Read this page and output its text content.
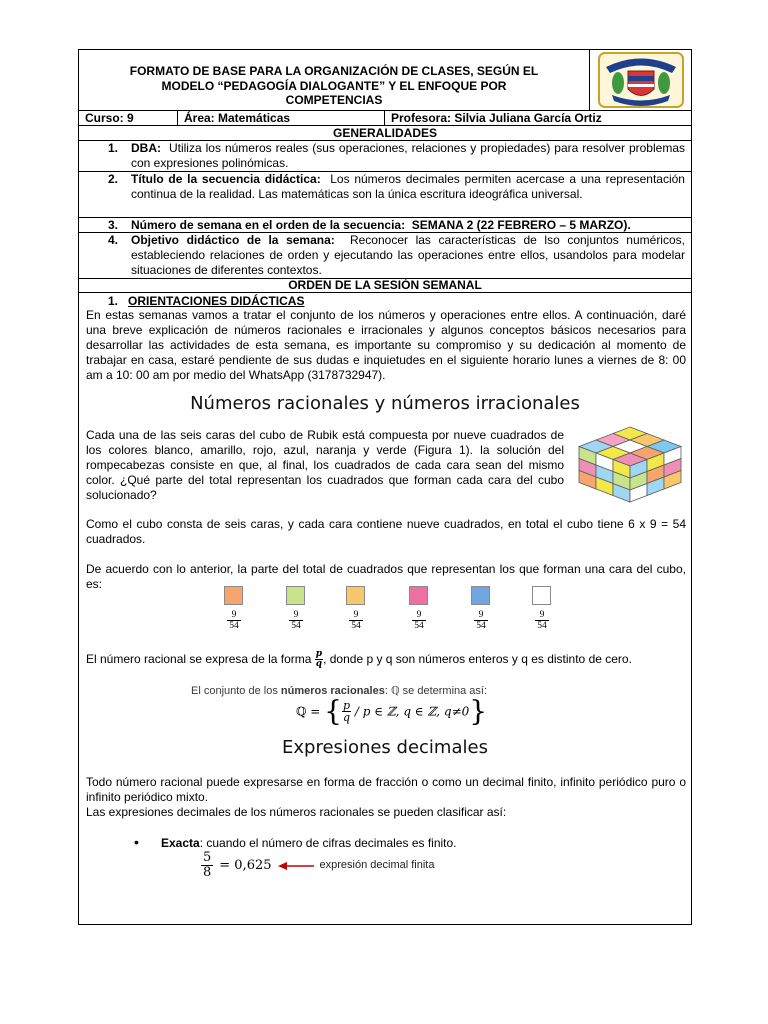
FORMATO DE BASE PARA LA ORGANIZACIÓN DE CLASES, SEGÚN EL
MODELO “PEDAGOGÍA DIALOGANTE” Y EL ENFOQUE POR
COMPETENCIAS
Curso: 9	Área: Matemáticas	Profesora: Silvia Juliana García Ortiz
GENERALIDADES
1.	DBA: Utiliza los números reales (sus operaciones, relaciones y propiedades) para resolver problemas con expresiones polinómicas.
2.	Título de la secuencia didáctica: Los números decimales permiten acercase a una representación continua de la realidad. Las matemáticas son la única escritura ideográfica universal.
3.	Número de semana en el orden de la secuencia: SEMANA 2 (22 FEBRERO – 5 MARZO).
4.	Objetivo didáctico de la semana: Reconocer las características de lso conjuntos numéricos, estableciendo relaciones de orden y ejecutando las operaciones entre ellos, usandolos para modelar situaciones de diferentes contextos.
ORDEN DE LA SESIÓN SEMANAL
1. ORIENTACIONES DIDÁCTICAS
En estas semanas vamos a tratar el conjunto de los números y operaciones entre ellos. A continuación, daré una breve explicación de números racionales e irracionales y algunos conceptos básicos necesarios para desarrollar las actividades de esta semana, es importante su compromiso y su dedicación al momento de trabajar en casa, estaré pendiente de sus dudas e inquietudes en el siguiente horario lunes a viernes de 8: 00 am a 10: 00 am por medio del WhatsApp (3178732947).
Números racionales y números irracionales
Cada una de las seis caras del cubo de Rubik está compuesta por nueve cuadrados de los colores blanco, amarillo, rojo, azul, naranja y verde (Figura 1). la solución del rompecabezas consiste en que, al final, los cuadrados de cada cara sean del mismo color. ¿Qué parte del total representan los cuadrados que forman cada cara del cubo solucionado?
Como el cubo consta de seis caras, y cada cara contiene nueve cuadrados, en total el cubo tiene 6 x 9 = 54 cuadrados.
De acuerdo con lo anterior, la parte del total de cuadrados que representan los que forman una cara del cubo, es:
$\frac{9}{54}$	$\frac{9}{54}$	$\frac{9}{54}$	$\frac{9}{54}$	$\frac{9}{54}$	$\frac{9}{54}$
El número racional se expresa de la forma $\frac{p}{q}$ , donde p y q son números enteros y q es distinto de cero.
El conjunto de los números racionales: ℚ se determina así:
ℚ = { $\frac{p}{q}$ / p ∈ ℤ, q ∈ ℤ, q≠0}
Expresiones decimales
Todo número racional puede expresarse en forma de fracción o como un decimal finito, infinito periódico puro o infinito periódico mixto.
Las expresiones decimales de los números racionales se pueden clasificar así:
• Exacta: cuando el número de cifras decimales es finito.
$\frac{5}{8} = 0,625$	expresión decimal finita
